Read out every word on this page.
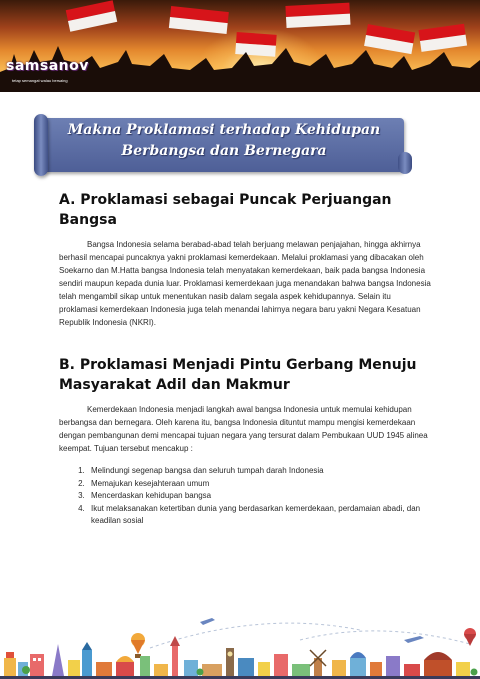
samsanov
tetap semangat walau bersaing
Makna Proklamasi terhadap Kehidupan
Berbangsa dan Bernegara
A. Proklamasi sebagai Puncak Perjuangan Bangsa

Bangsa Indonesia selama berabad-abad telah berjuang melawan penjajahan, hingga akhirnya berhasil mencapai puncaknya yakni proklamasi kemerdekaan. Melalui proklamasi yang dibacakan oleh Soekarno dan M.Hatta bangsa Indonesia telah menyatakan kemerdekaan, baik pada bangsa Indonesia sendiri maupun kepada dunia luar. Proklamasi kemerdekaan juga menandakan bahwa bangsa Indonesia telah mengambil sikap untuk menentukan nasib dalam segala aspek kehidupannya. Selain itu proklamasi kemerdekaan Indonesia juga telah menandai lahirnya negara baru yakni Negara Kesatuan Republik Indonesia (NKRI).

B. Proklamasi Menjadi Pintu Gerbang Menuju Masyarakat Adil dan Makmur

Kemerdekaan Indonesia menjadi langkah awal bangsa Indonesia untuk memulai kehidupan berbangsa dan bernegara. Oleh karena itu, bangsa Indonesia dituntut mampu mengisi kemerdekaan dengan pembangunan demi mencapai tujuan negara yang tersurat dalam Pembukaan UUD 1945 alinea keempat. Tujuan tersebut mencakup :

1. Melindungi segenap bangsa dan seluruh tumpah darah Indonesia
2. Memajukan kesejahteraan umum
3. Mencerdaskan kehidupan bangsa
4. Ikut melaksanakan ketertiban dunia yang berdasarkan kemerdekaan, perdamaian abadi, dan keadilan sosial
